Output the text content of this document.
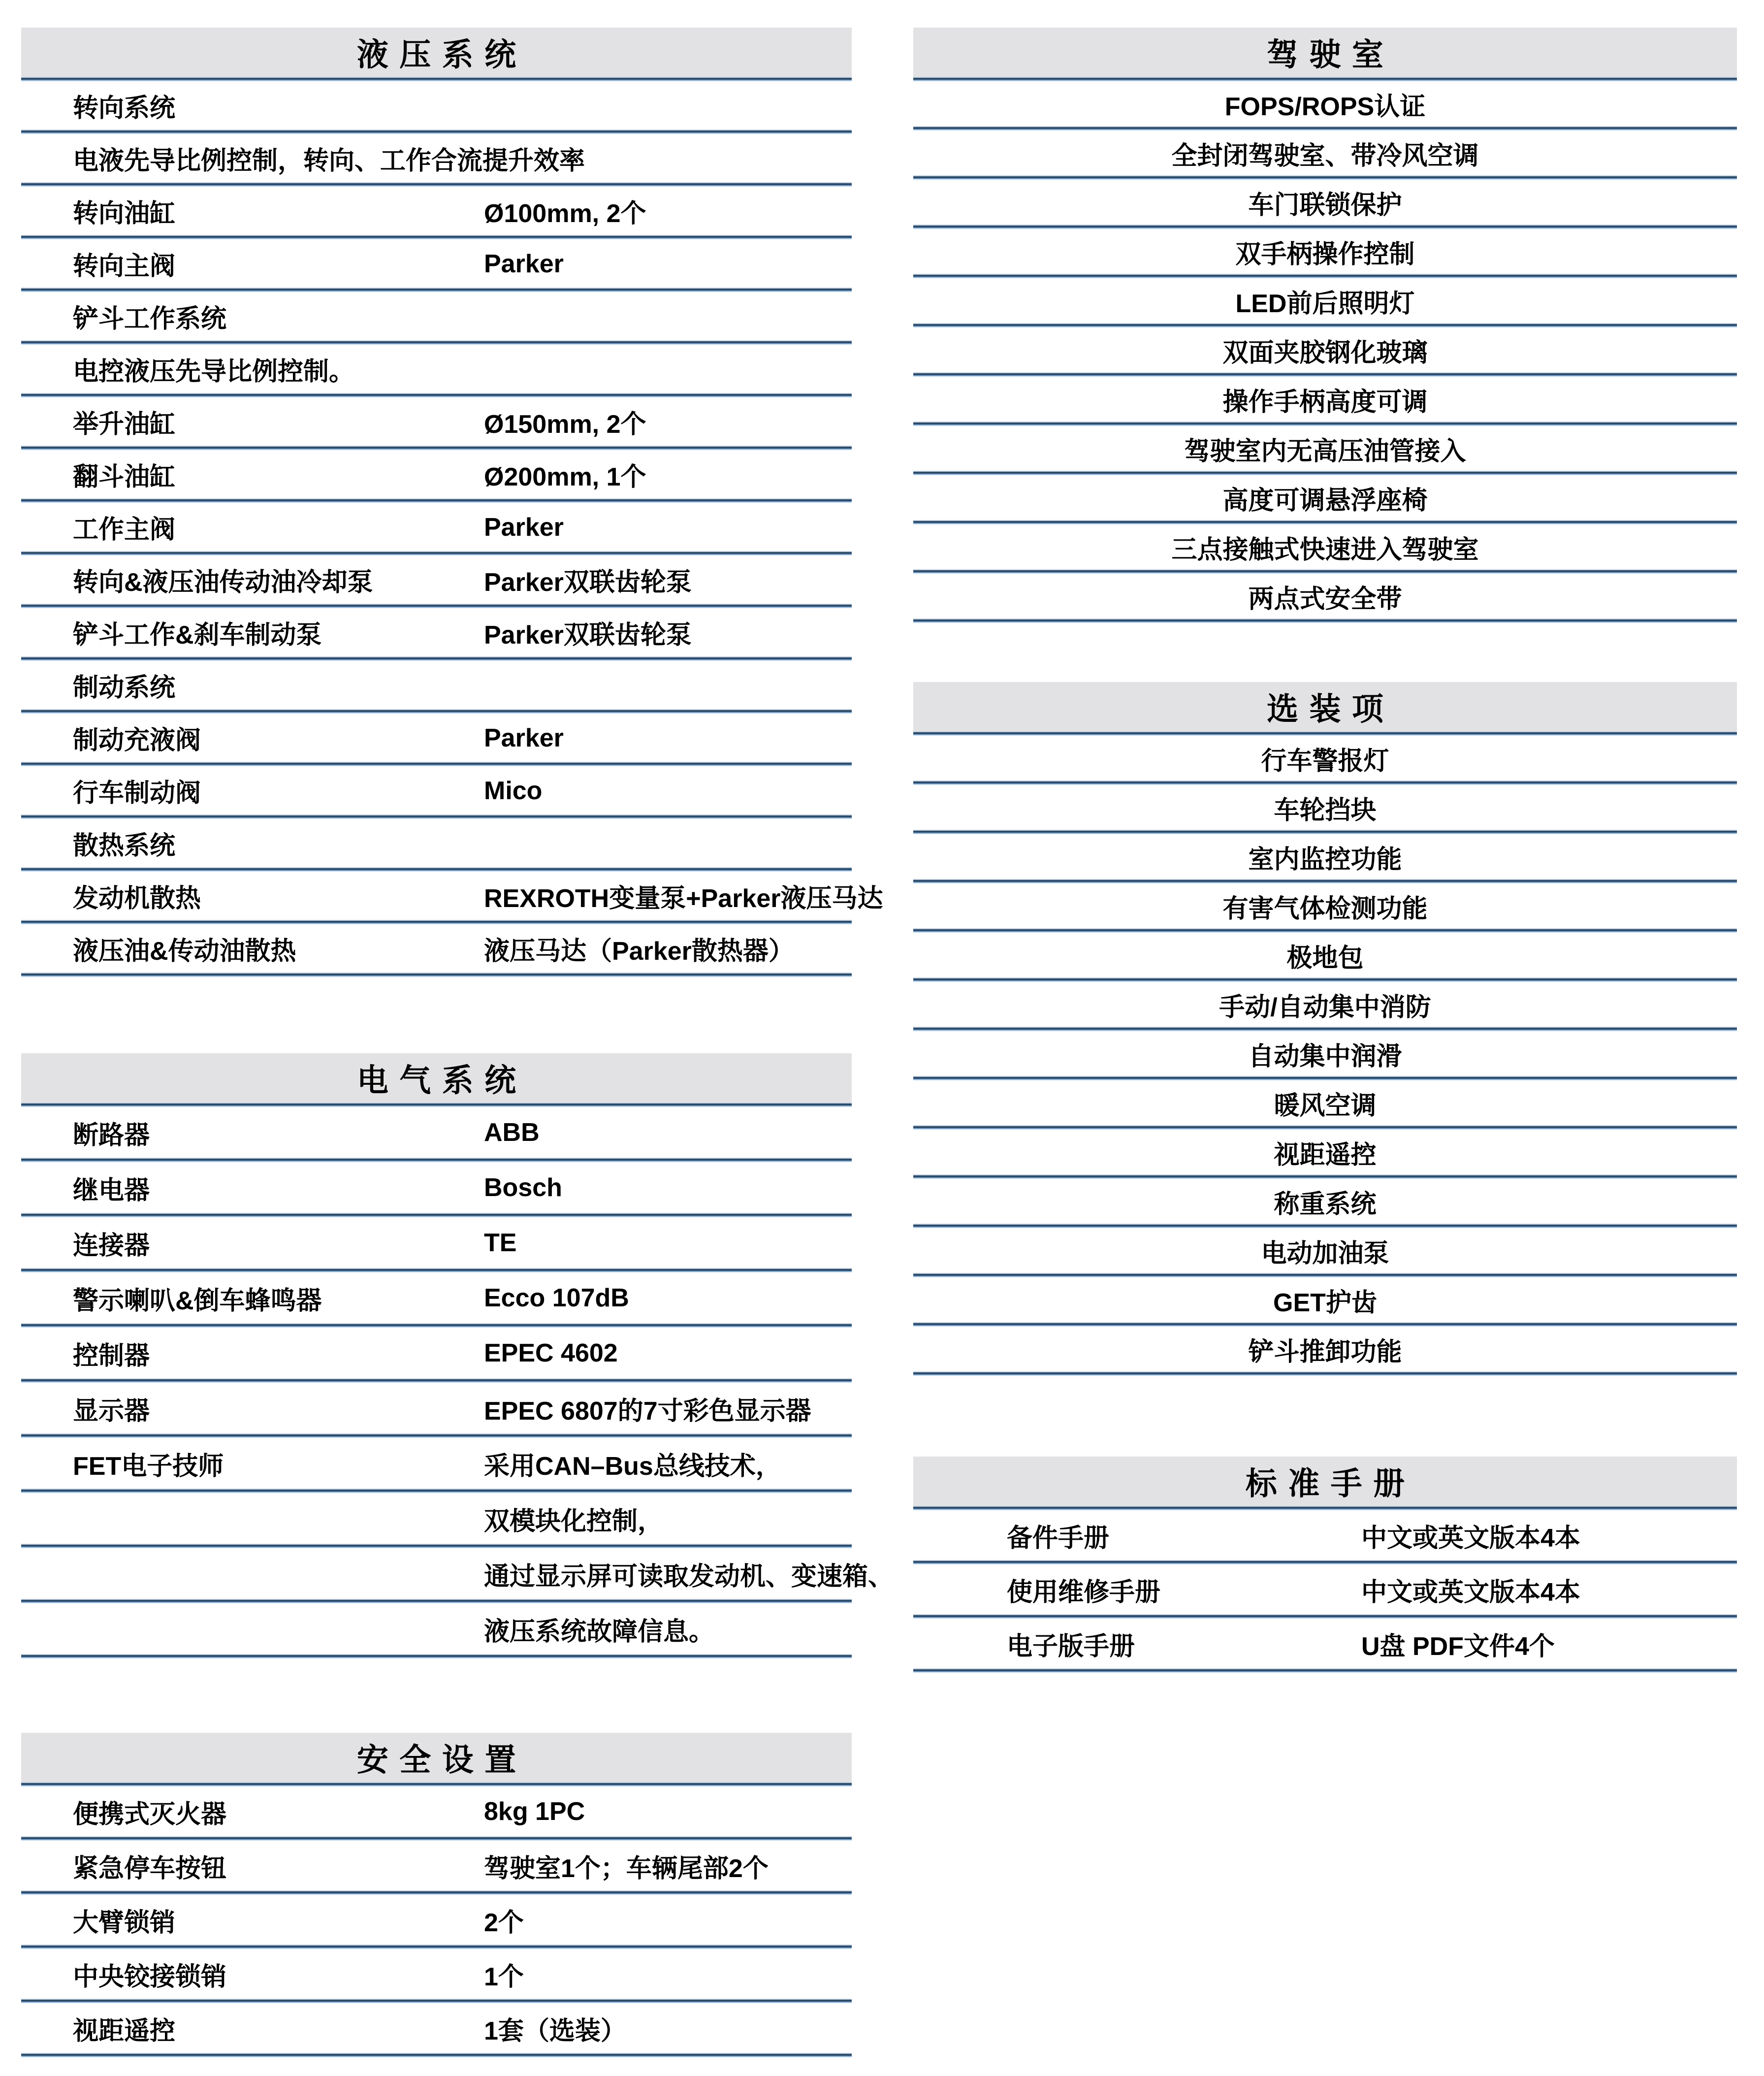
液压系统
转向系统
电液先导比例控制，转向、工作合流提升效率
转向油缸	Ø100mm, 2个
转向主阀	Parker
铲斗工作系统
电控液压先导比例控制。
举升油缸	Ø150mm, 2个
翻斗油缸	Ø200mm, 1个
工作主阀	Parker
转向&液压油传动油冷却泵	Parker双联齿轮泵
铲斗工作&刹车制动泵	Parker双联齿轮泵
制动系统
制动充液阀	Parker
行车制动阀	Mico
散热系统
发动机散热	REXROTH变量泵+Parker液压马达
液压油&传动油散热	液压马达（Parker散热器）
电气系统
断路器	ABB
继电器	Bosch
连接器	TE
警示喇叭&倒车蜂鸣器	Ecco 107dB
控制器	EPEC 4602
显示器	EPEC 6807的7寸彩色显示器
FET电子技师	采用CAN–Bus总线技术，
双模块化控制，
通过显示屏可读取发动机、变速箱、
液压系统故障信息。
安全设置
便携式灭火器	8kg 1PC
紧急停车按钮	驾驶室1个；车辆尾部2个
大臂锁销	2个
中央铰接锁销	1个
视距遥控	1套（选装）
驾驶室
FOPS/ROPS认证
全封闭驾驶室、带冷风空调
车门联锁保护
双手柄操作控制
LED前后照明灯
双面夹胶钢化玻璃
操作手柄高度可调
驾驶室内无高压油管接入
高度可调悬浮座椅
三点接触式快速进入驾驶室
两点式安全带
选装项
行车警报灯
车轮挡块
室内监控功能
有害气体检测功能
极地包
手动/自动集中消防
自动集中润滑
暖风空调
视距遥控
称重系统
电动加油泵
GET护齿
铲斗推卸功能
标准手册
备件手册	中文或英文版本4本
使用维修手册	中文或英文版本4本
电子版手册	U盘 PDF文件4个
